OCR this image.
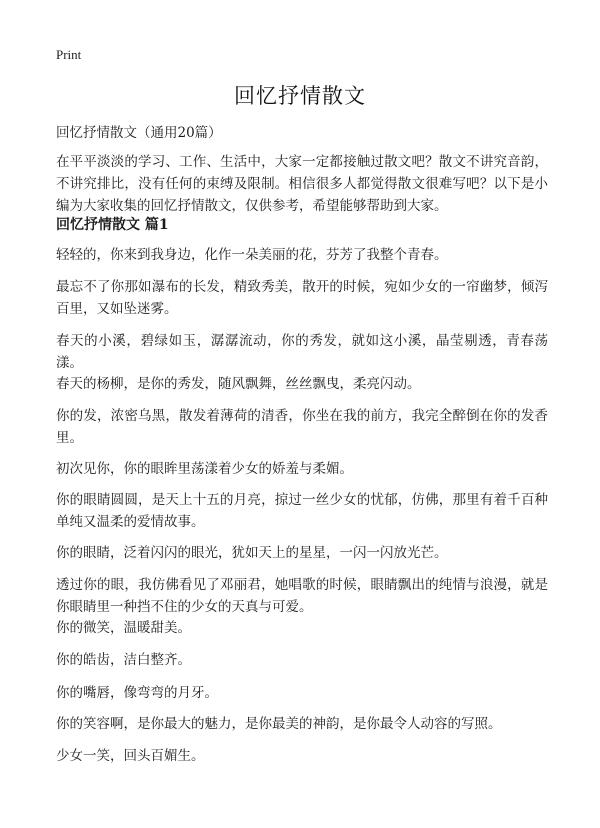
Print
回忆抒情散文
回忆抒情散文（通用20篇）
在平平淡淡的学习、工作、生活中，大家一定都接触过散文吧？散文不讲究音韵，不讲究排比，没有任何的束缚及限制。相信很多人都觉得散文很难写吧？以下是小编为大家收集的回忆抒情散文，仅供参考，希望能够帮助到大家。
回忆抒情散文 篇1

轻轻的，你来到我身边，化作一朵美丽的花，芬芳了我整个青春。

最忘不了你那如瀑布的长发，精致秀美，散开的时候，宛如少女的一帘幽梦，倾泻百里，又如坠迷雾。

春天的小溪，碧绿如玉，潺潺流动，你的秀发，就如这小溪，晶莹剔透，青春荡漾。

春天的杨柳，是你的秀发，随风飘舞，丝丝飘曳，柔亮闪动。

你的发，浓密乌黑，散发着薄荷的清香，你坐在我的前方，我完全醉倒在你的发香里。

初次见你，你的眼眸里荡漾着少女的娇羞与柔媚。

你的眼睛圆圆，是天上十五的月亮，掠过一丝少女的忧郁，仿佛，那里有着千百种单纯又温柔的爱情故事。

你的眼睛，泛着闪闪的眼光，犹如天上的星星，一闪一闪放光芒。

透过你的眼，我仿佛看见了邓丽君，她唱歌的时候，眼睛飘出的纯情与浪漫，就是你眼睛里一种挡不住的少女的天真与可爱。

你的微笑，温暖甜美。

你的皓齿，洁白整齐。

你的嘴唇，像弯弯的月牙。

你的笑容啊，是你最大的魅力，是你最美的神韵，是你最令人动容的写照。

少女一笑，回头百媚生。
